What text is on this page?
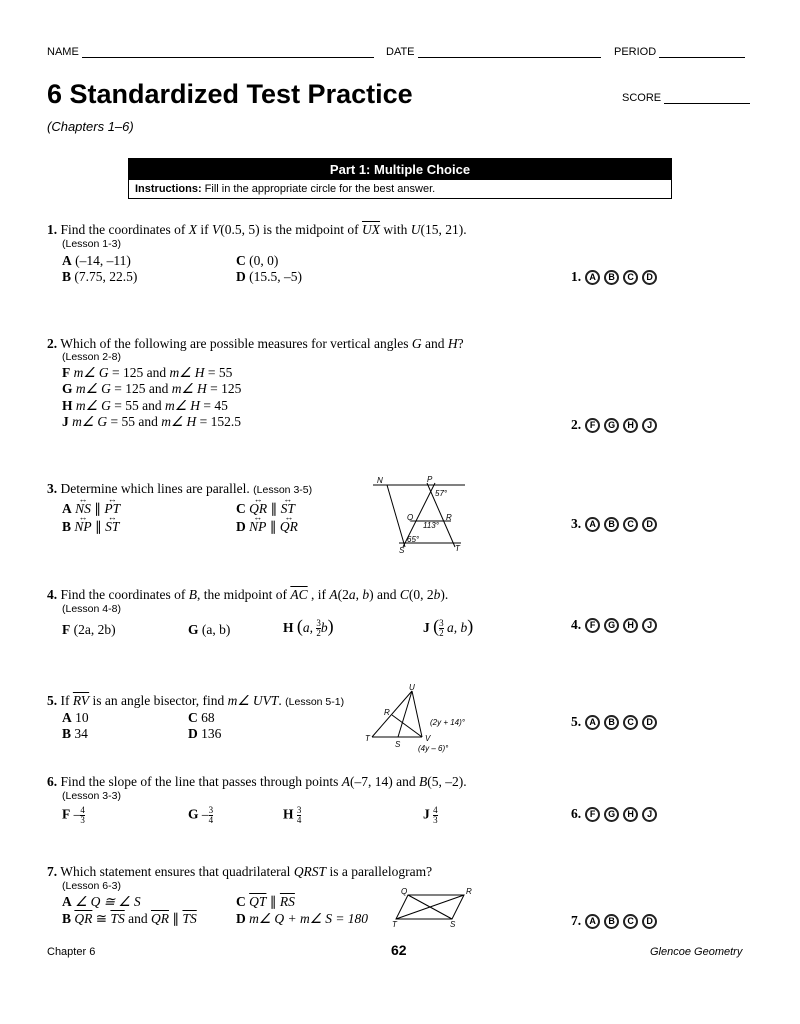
NAME	DATE	PERIOD
6 Standardized Test Practice	SCORE
(Chapters 1–6)
Part 1: Multiple Choice
Instructions: Fill in the appropriate circle for the best answer.
1. Find the coordinates of X if V(0.5, 5) is the midpoint of $\overline{UX}$ with U(15, 21).
(Lesson 1-3)
A (–14, –11)	C (0, 0)
B (7.75, 22.5)	D (15.5, –5)	1. A	B	C	D
2. Which of the following are possible measures for vertical angles G and H?
(Lesson 2-8)
F m∠ G = 125 and m∠ H = 55
G m∠ G = 125 and m∠ H = 125
H m∠ G = 55 and m∠ H = 45
J m∠ G = 55 and m∠ H = 152.5	2. F	G	H	J
3. Determine which lines are parallel. (Lesson 3-5)
A ↔ NS ∥ ↔ PT	C ↔ QR ∥ ↔ ST
B ↔ NP ∥ ↔ ST	D ↔ NP ∥ ↔ QR
N	P
Q	R
S	T
57°
113°
65°
3. A	B	C	D
4. Find the coordinates of B, the midpoint of $\overline{AC}$ , if A(2a, b) and C(0, 2b).
(Lesson 4-8)
F (2a, 2b)	G (a, b)	H (a, $\frac{3}{2} b$)	J ( $\frac{3}{2} a$, b)	4. F	G	H	J
5. If $\overline{RV}$ is an angle bisector, find m∠ UVT. (Lesson 5-1)
A 10	C 68
B 34	D 136
U
R
T
S
V
(2y + 14)°
(4y – 6)°
5. A	B	C	D
6. Find the slope of the line that passes through points A(–7, 14) and B(5, –2).
(Lesson 3-3)
F – $\frac{4}{3}$	G – $\frac{3}{4}$	H $\frac{3}{4}$	J $\frac{4}{3}$	6. F	G	H	J
7. Which statement ensures that quadrilateral QRST is a parallelogram?
(Lesson 6-3)
A ∠ Q ≅ ∠ S	C $\overline{QT}$ ∥ $\overline{RS}$
B $\overline{QR}$ ≅ $\overline{TS}$ and $\overline{QR}$ ∥ $\overline{TS}$	D m∠ Q + m∠ S = 180
Q	R
T	S	7. A	B	C	D
Chapter 6	62	Glencoe Geometry
